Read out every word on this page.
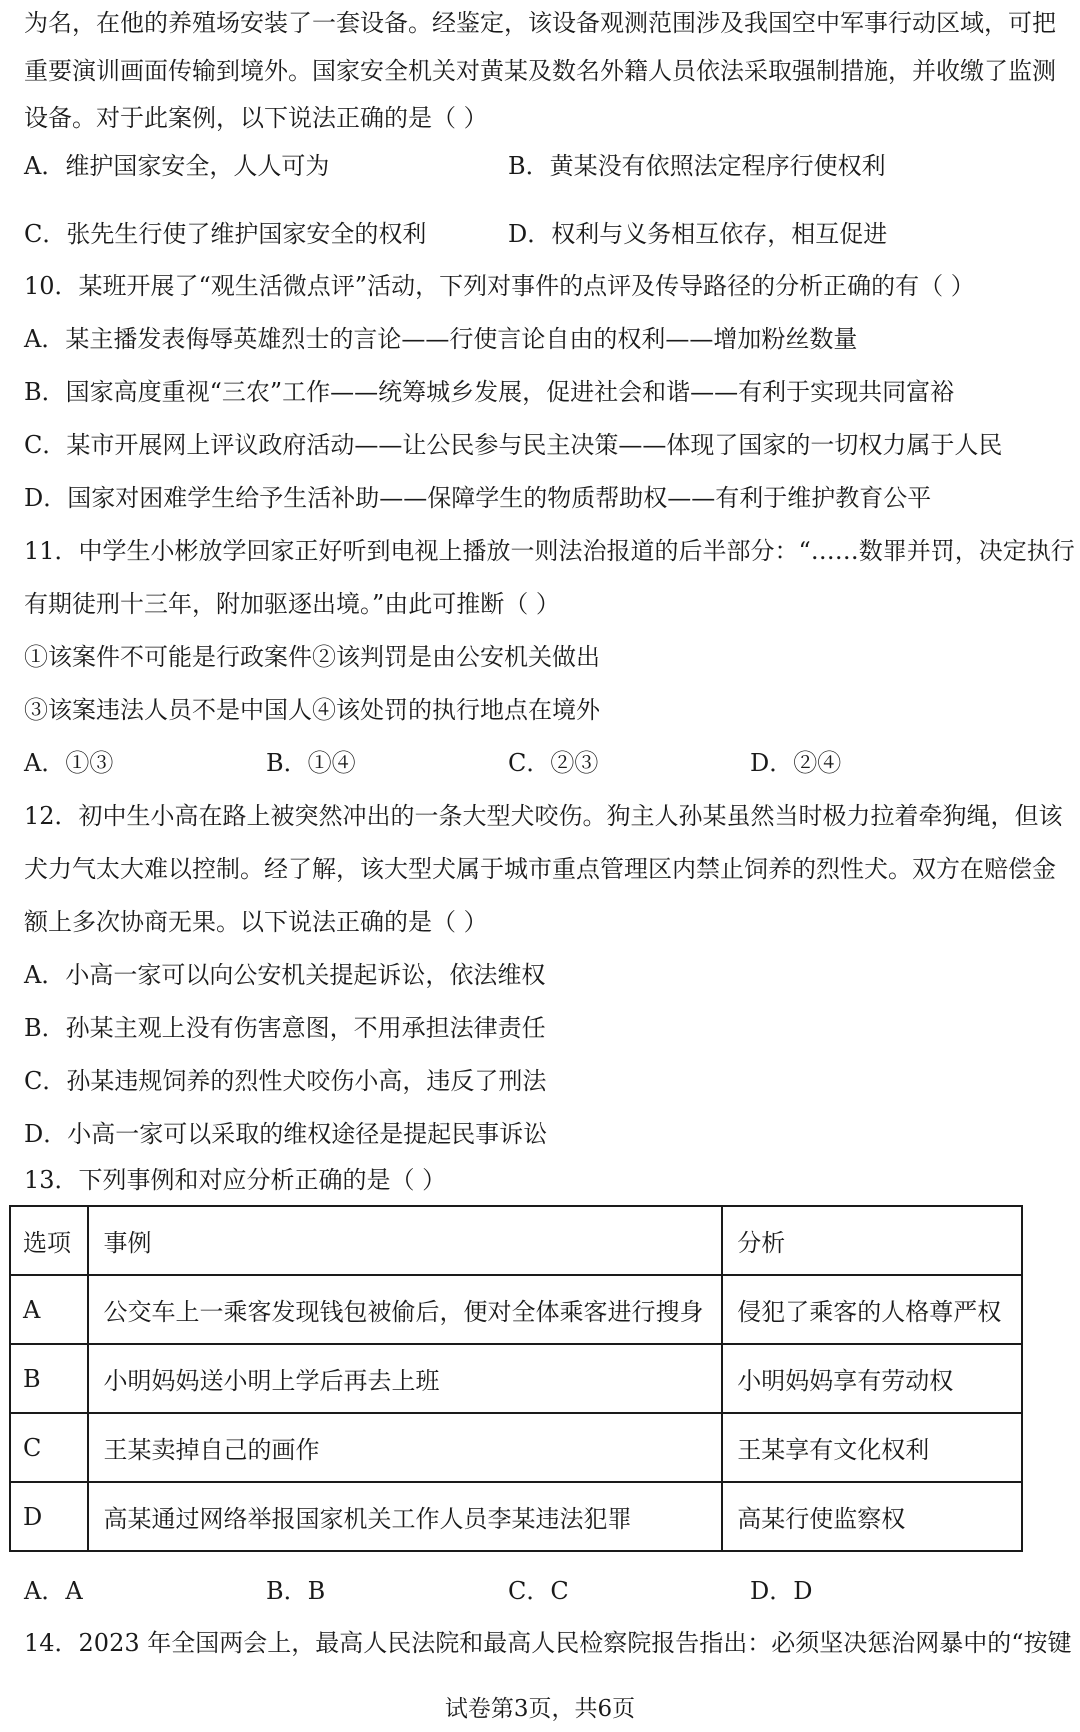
为名，在他的养殖场安装了一套设备。经鉴定，该设备观测范围涉及我国空中军事行动区域，可把
重要演训画面传输到境外。国家安全机关对黄某及数名外籍人员依法采取强制措施，并收缴了监测
设备。对于此案例，以下说法正确的是（ ）
A．维护国家安全，人人可为	B．黄某没有依照法定程序行使权利
C．张先生行使了维护国家安全的权利	D．权利与义务相互依存，相互促进
10．某班开展了“观生活微点评”活动，下列对事件的点评及传导路径的分析正确的有（ ）
A．某主播发表侮辱英雄烈士的言论——行使言论自由的权利——增加粉丝数量
B．国家高度重视“三农”工作——统筹城乡发展，促进社会和谐——有利于实现共同富裕
C．某市开展网上评议政府活动——让公民参与民主决策——体现了国家的一切权力属于人民
D．国家对困难学生给予生活补助——保障学生的物质帮助权——有利于维护教育公平
11．中学生小彬放学回家正好听到电视上播放一则法治报道的后半部分：“……数罪并罚，决定执行
有期徒刑十三年，附加驱逐出境。”由此可推断（ ）
①该案件不可能是行政案件②该判罚是由公安机关做出
③该案违法人员不是中国人④该处罚的执行地点在境外
A．①③	B．①④	C．②③	D．②④
12．初中生小高在路上被突然冲出的一条大型犬咬伤。狗主人孙某虽然当时极力拉着牵狗绳，但该
犬力气太大难以控制。经了解，该大型犬属于城市重点管理区内禁止饲养的烈性犬。双方在赔偿金
额上多次协商无果。以下说法正确的是（ ）
A．小高一家可以向公安机关提起诉讼，依法维权
B．孙某主观上没有伤害意图，不用承担法律责任
C．孙某违规饲养的烈性犬咬伤小高，违反了刑法
D．小高一家可以采取的维权途径是提起民事诉讼
13．下列事例和对应分析正确的是（ ）
选项	事例	分析
A	公交车上一乘客发现钱包被偷后，便对全体乘客进行搜身	侵犯了乘客的人格尊严权
B	小明妈妈送小明上学后再去上班	小明妈妈享有劳动权
C	王某卖掉自己的画作	王某享有文化权利
D	高某通过网络举报国家机关工作人员李某违法犯罪	高某行使监察权
A．A	B．B	C．C	D．D
14．2023 年全国两会上，最高人民法院和最高人民检察院报告指出：必须坚决惩治网暴中的“按键
试卷第3页，共6页
